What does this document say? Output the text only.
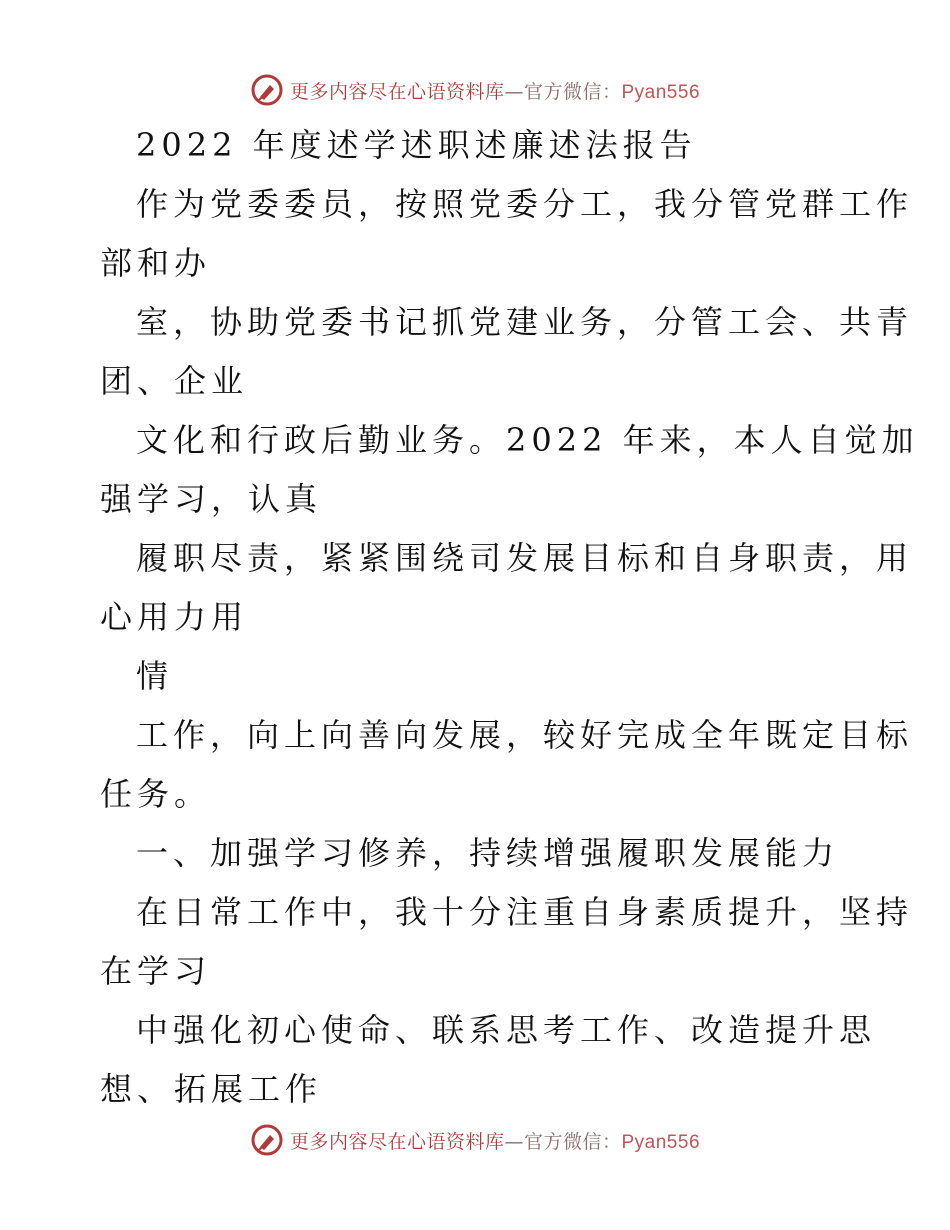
更多内容尽在心语资料库—官方微信：Pyan556
2022 年度述学述职述廉述法报告
作为党委委员，按照党委分工，我分管党群工作
部和办
室，协助党委书记抓党建业务，分管工会、共青
团、企业
文化和行政后勤业务。2022 年来，本人自觉加
强学习，认真
履职尽责，紧紧围绕司发展目标和自身职责，用
心用力用
情
工作，向上向善向发展，较好完成全年既定目标
任务。
一、加强学习修养，持续增强履职发展能力
在日常工作中，我十分注重自身素质提升，坚持
在学习
中强化初心使命、联系思考工作、改造提升思
想、拓展工作
更多内容尽在心语资料库—官方微信：Pyan556
